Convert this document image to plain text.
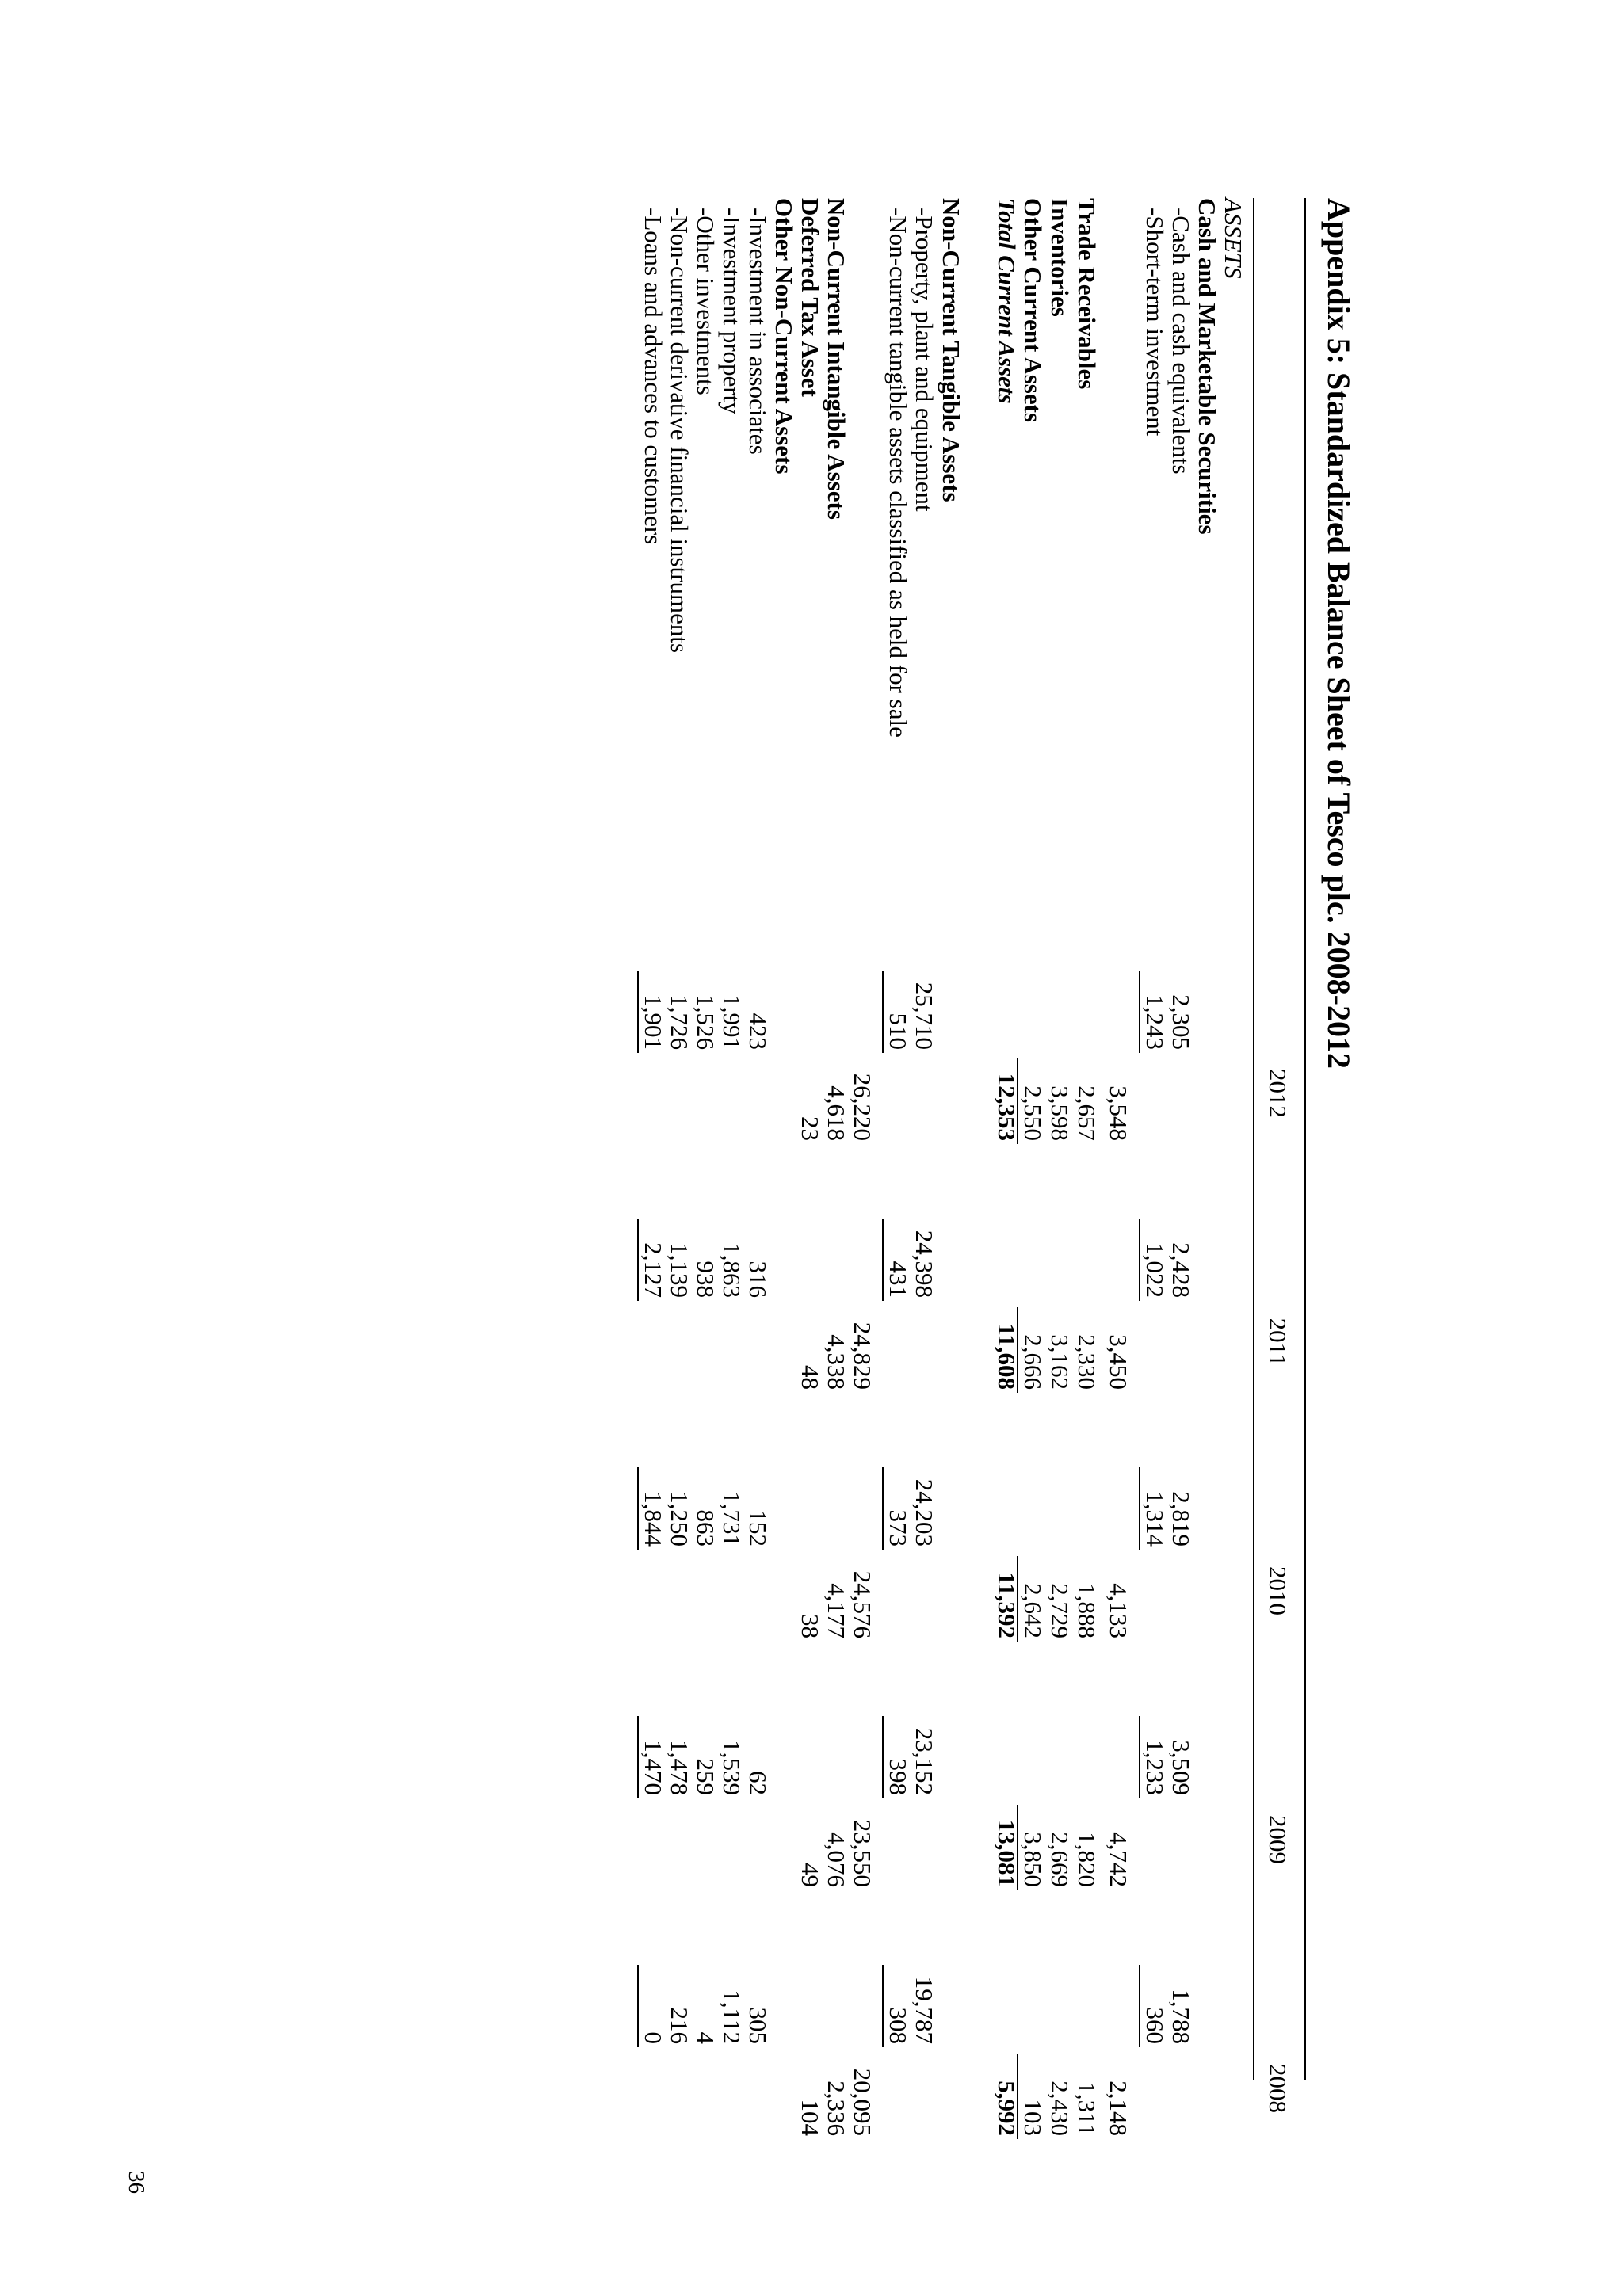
Appendix 5: Standardized Balance Sheet of Tesco plc. 2008-2012
2012
2011
2010
2009
2008
ASSETS
Cash and Marketable Securities
-Cash and cash equivalents
2,305
2,428
2,819
3,509
1,788
-Short-term investment
1,243
1,022
1,314
1,233
360
3,548
3,450
4,133
4,742
2,148
Trade Receivables
2,657
2,330
1,888
1,820
1,311
Inventories
3,598
3,162
2,729
2,669
2,430
Other Current Assets
2,550
2,666
2,642
3,850
103
Total Current Assets
12,353
11,608
11,392
13,081
5,992
Non-Current Tangible Assets
-Property, plant and equipment
25,710
24,398
24,203
23,152
19,787
-Non-current tangible assets classified as held for sale
510
431
373
398
308
26,220
24,829
24,576
23,550
20,095
Non-Current Intangible Assets
4,618
4,338
4,177
4,076
2,336
Deferred Tax Asset
23
48
38
49
104
Other Non-Current Assets
-Investment in associates
423
316
152
62
305
-Investment property
1,991
1,863
1,731
1,539
1,112
-Other investments
1,526
938
863
259
4
-Non-current derivative financial instruments
1,726
1,139
1,250
1,478
216
-Loans and advances to customers
1,901
2,127
1,844
1,470
0
36
